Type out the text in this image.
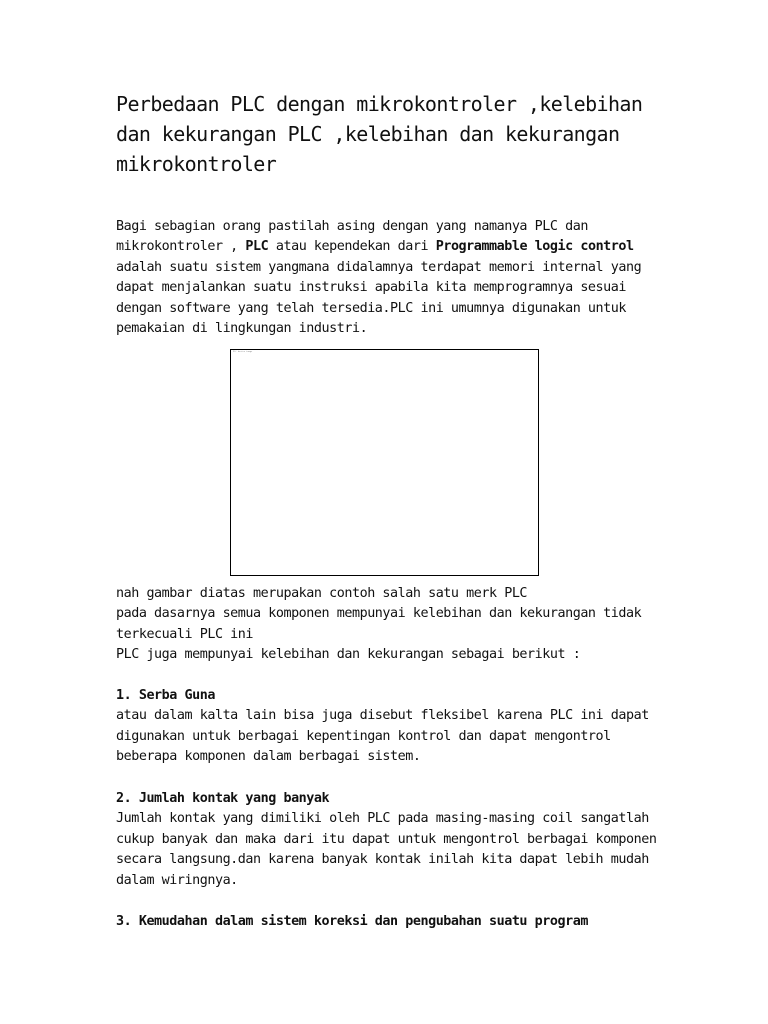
Perbedaan PLC dengan mikrokontroler ,kelebihan dan kekurangan PLC ,kelebihan dan kekurangan mikrokontroler
Bagi sebagian orang pastilah asing dengan yang namanya PLC dan
mikrokontroler , PLC atau kependekan dari Programmable logic control
adalah suatu sistem yangmana didalamnya terdapat memori internal yang
dapat menjalankan suatu instruksi apabila kita memprogramnya sesuai
dengan software yang telah tersedia.PLC ini umumnya digunakan untuk
pemakaian di lingkungan industri.
PLC device image
nah gambar diatas merupakan contoh salah satu merk PLC
pada dasarnya semua komponen mempunyai kelebihan dan kekurangan tidak
terkecuali PLC ini
PLC juga mempunyai kelebihan dan kekurangan sebagai berikut :
1. Serba Guna
atau dalam kalta lain bisa juga disebut fleksibel karena PLC ini dapat
digunakan untuk berbagai kepentingan kontrol dan dapat mengontrol
beberapa komponen dalam berbagai sistem.
2. Jumlah kontak yang banyak
Jumlah kontak yang dimiliki oleh PLC pada masing-masing coil sangatlah
cukup banyak dan maka dari itu dapat untuk mengontrol berbagai komponen
secara langsung.dan karena banyak kontak inilah kita dapat lebih mudah
dalam wiringnya.
3. Kemudahan dalam sistem koreksi dan pengubahan suatu program
